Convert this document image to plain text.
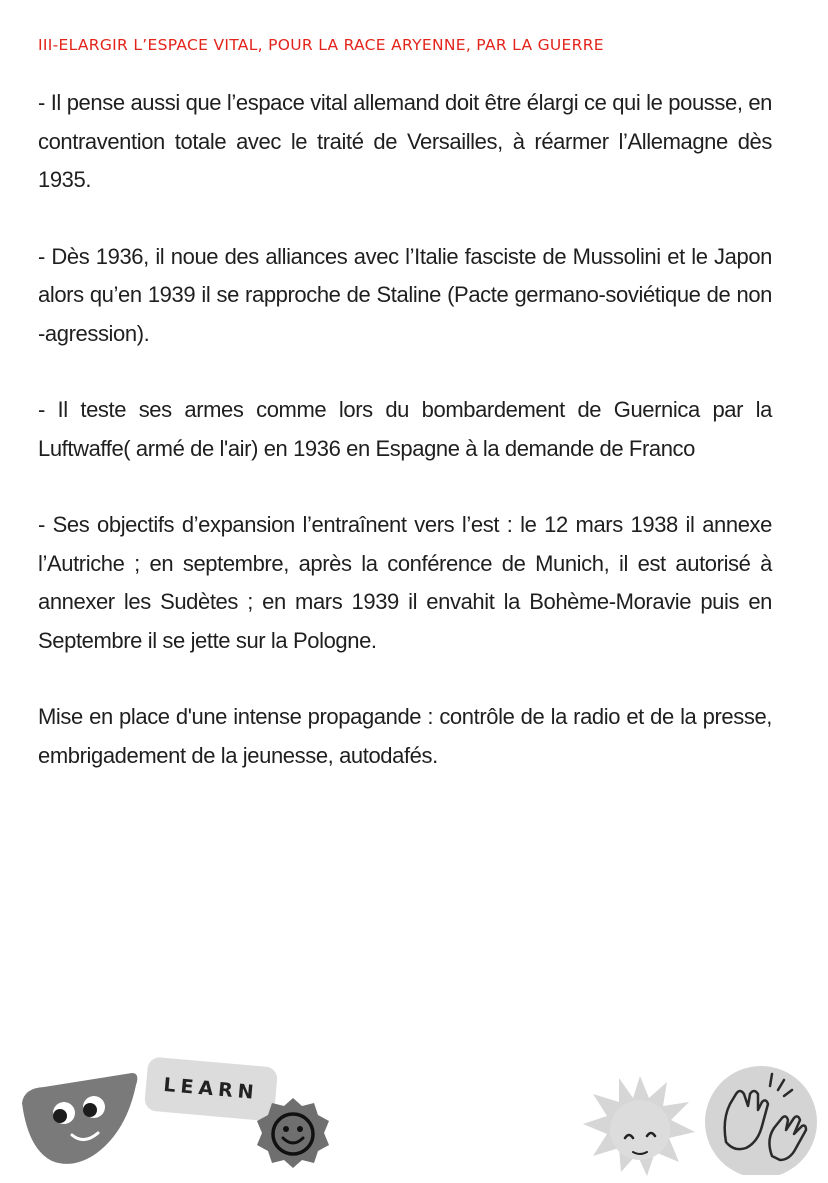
III-ELARGIR L’ESPACE VITAL, POUR LA RACE ARYENNE, PAR LA GUERRE

- Il pense aussi que l’espace vital allemand doit être élargi ce qui le pousse, en contravention totale avec le traité de Versailles, à réarmer l’Allemagne dès 1935.

- Dès 1936, il noue des alliances avec l’Italie fasciste de Mussolini et le Japon alors qu’en 1939 il se rapproche de Staline (Pacte germano-soviétique de non -agression).

- Il teste ses armes comme lors du bombardement de Guernica par la Luftwaffe( armé de l'air) en 1936 en Espagne à la demande de Franco

- Ses objectifs d’expansion l’entraînent vers l’est : le 12 mars 1938 il annexe l’Autriche ; en septembre, après la conférence de Munich, il est autorisé à annexer les Sudètes ; en mars 1939 il envahit la Bohème-Moravie puis en Septembre il se jette sur la Pologne.

Mise en place d'une intense propagande : contrôle de la radio et de la presse, embrigadement de la jeunesse, autodafés.

LEARN
